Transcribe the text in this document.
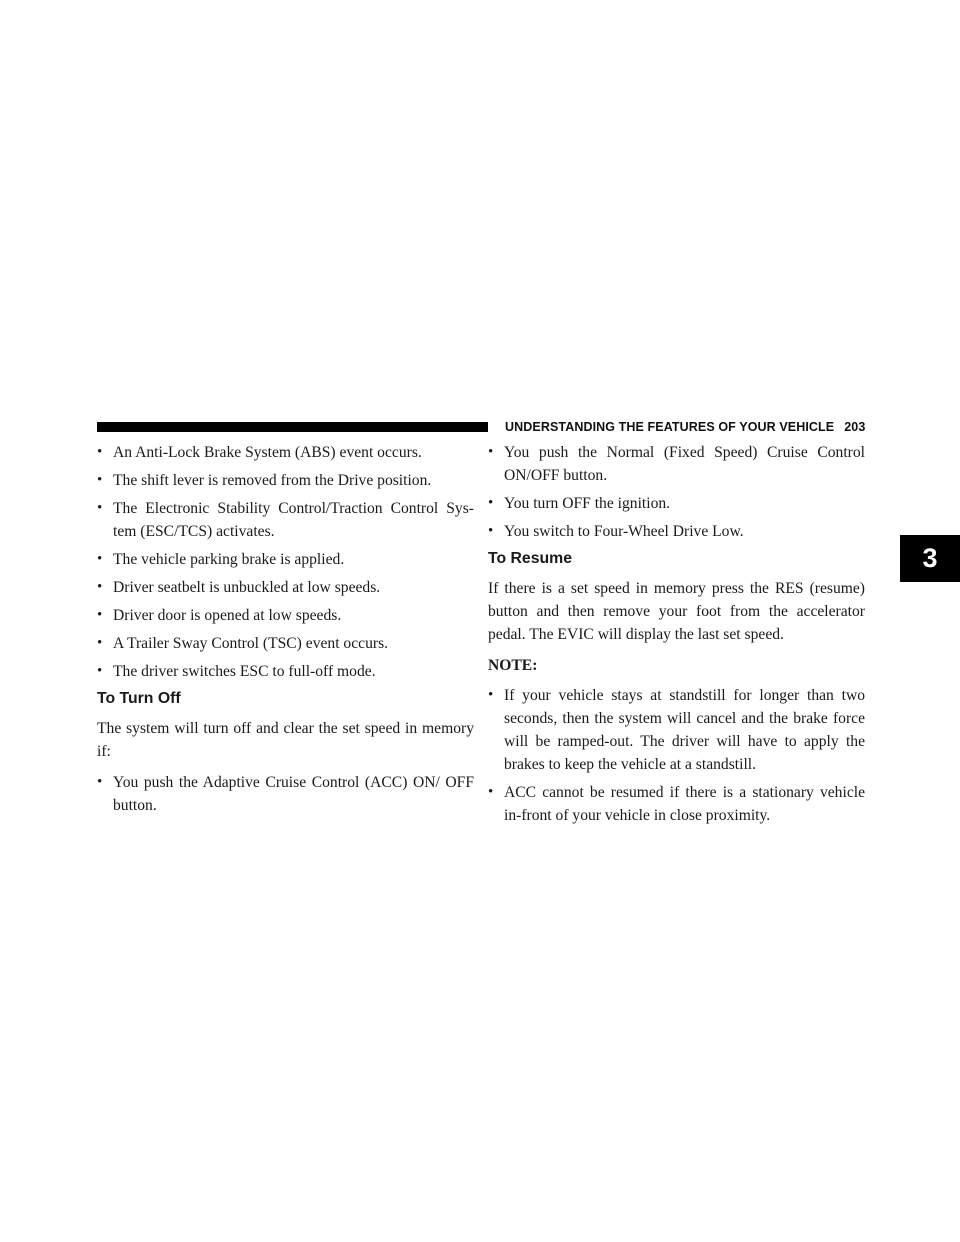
UNDERSTANDING THE FEATURES OF YOUR VEHICLE 203
3
• An Anti-Lock Brake System (ABS) event occurs.
• The shift lever is removed from the Drive position.
• The Electronic Stability Control/Traction Control Sys-tem (ESC/TCS) activates.
• The vehicle parking brake is applied.
• Driver seatbelt is unbuckled at low speeds.
• Driver door is opened at low speeds.
• A Trailer Sway Control (TSC) event occurs.
• The driver switches ESC to full-off mode.
To Turn Off

The system will turn off and clear the set speed in memory if:

• You push the Adaptive Cruise Control (ACC) ON/ OFF button.
• You push the Normal (Fixed Speed) Cruise Control ON/OFF button.
• You turn OFF the ignition.
• You switch to Four-Wheel Drive Low.
To Resume

If there is a set speed in memory press the RES (resume) button and then remove your foot from the accelerator pedal. The EVIC will display the last set speed.

NOTE:

• If your vehicle stays at standstill for longer than two seconds, then the system will cancel and the brake force will be ramped-out. The driver will have to apply the brakes to keep the vehicle at a standstill.
• ACC cannot be resumed if there is a stationary vehicle in-front of your vehicle in close proximity.
